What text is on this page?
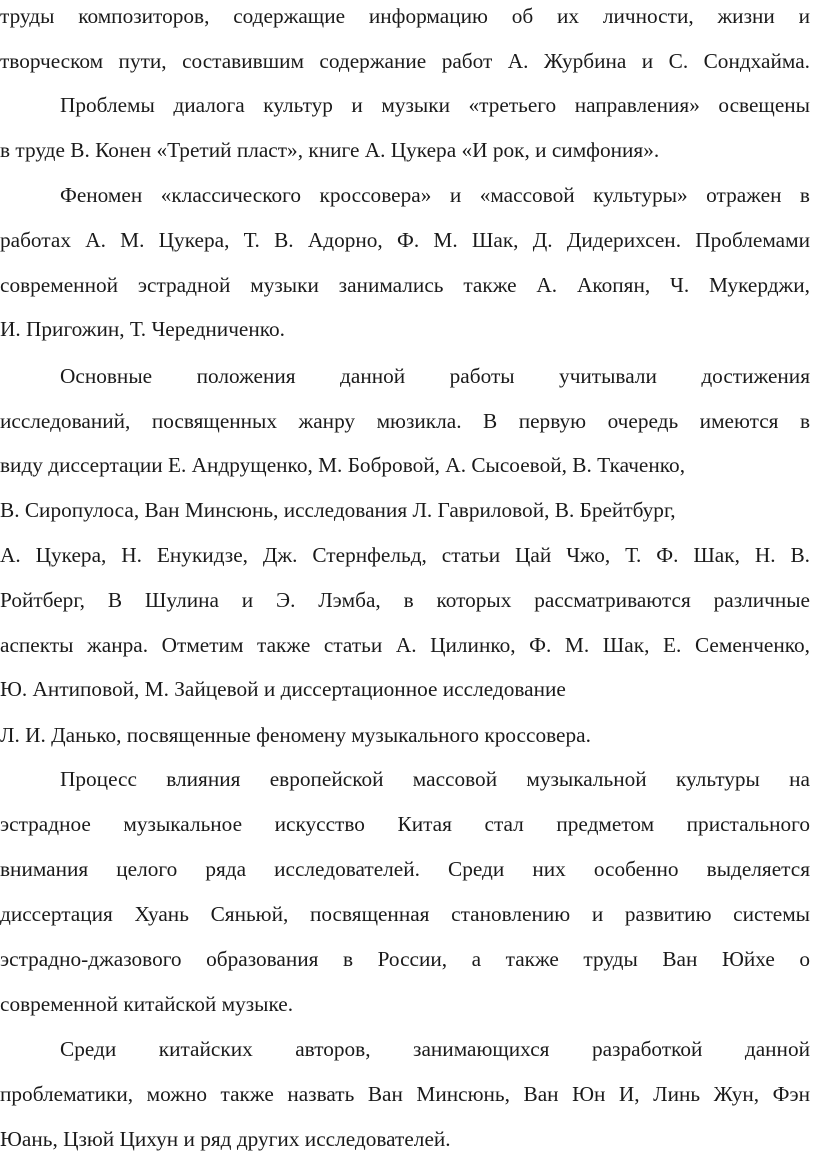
труды композиторов, содержащие информацию об их личности, жизни и
творческом пути, составившим содержание работ А. Журбина и С. Сондхайма.
Проблемы диалога культур и музыки «третьего направления» освещены
в труде В. Конен «Третий пласт», книге А. Цукера «И рок, и симфония».
Феномен «классического кроссовера» и «массовой культуры» отражен в
работах А. М. Цукера, Т. В. Адорно, Ф. М. Шак, Д. Дидерихсен. Проблемами
современной эстрадной музыки занимались также А. Акопян, Ч. Мукерджи,
И. Пригожин, Т. Чередниченко.
Основные положения данной работы учитывали достижения
исследований, посвященных жанру мюзикла. В первую очередь имеются в
виду диссертации Е. Андрущенко, М. Бобровой, А. Сысоевой, В. Ткаченко,
В. Сиропулоса, Ван Минсюнь, исследования Л. Гавриловой, В. Брейтбург,
А. Цукера, Н. Енукидзе, Дж. Стернфельд, статьи Цай Чжо, Т. Ф. Шак, Н. В.
Ройтберг, В Шулина и Э. Лэмба, в которых рассматриваются различные
аспекты жанра. Отметим также статьи А. Цилинко, Ф. М. Шак, Е. Семенченко,
Ю. Антиповой, М. Зайцевой и диссертационное исследование
Л. И. Данько, посвященные феномену музыкального кроссовера.
Процесс влияния европейской массовой музыкальной культуры на
эстрадное музыкальное искусство Китая стал предметом пристального
внимания целого ряда исследователей. Среди них особенно выделяется
диссертация Хуань Сяньюй, посвященная становлению и развитию системы
эстрадно-джазового образования в России, а также труды Ван Юйхе о
современной китайской музыке.
Среди китайских авторов, занимающихся разработкой данной
проблематики, можно также назвать Ван Минсюнь, Ван Юн И, Линь Жун, Фэн
Юань, Цзюй Цихун и ряд других исследователей.
